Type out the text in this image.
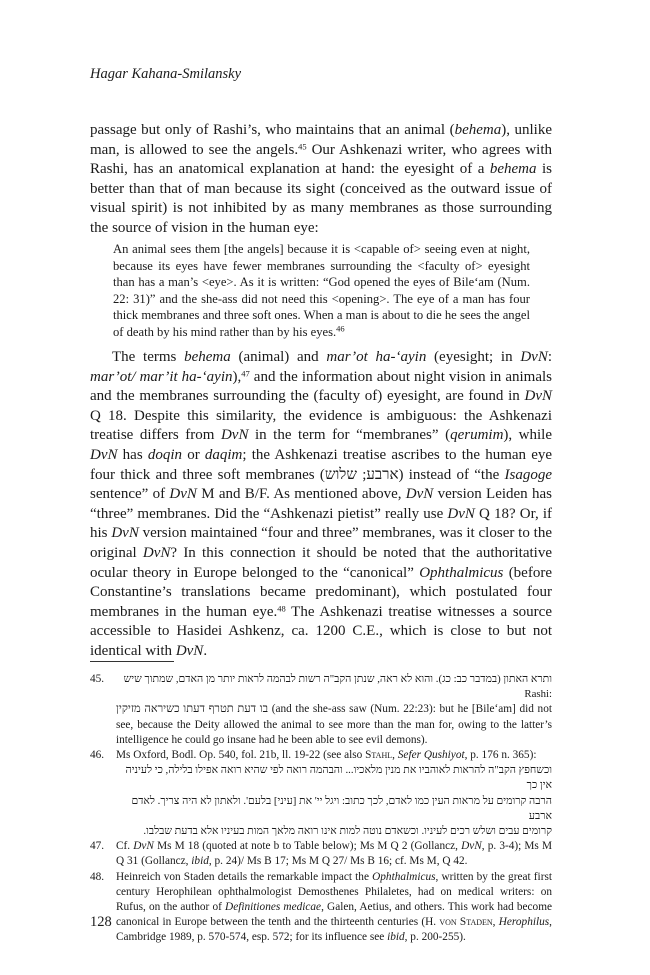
Hagar Kahana-Smilansky
passage but only of Rashi’s, who maintains that an animal (behema), unlike man, is allowed to see the angels.$^{45}$ Our Ashkenazi writer, who agrees with Rashi, has an anatomical explanation at hand: the eyesight of a behema is better than that of man because its sight (conceived as the outward issue of visual spirit) is not inhibited by as many membranes as those surrounding the source of vision in the human eye:
An animal sees them [the angels] because it is <capable of> seeing even at night, because its eyes have fewer membranes surrounding the <faculty of> eyesight than has a man’s <eye>. As it is written: “God opened the eyes of Bile‘am (Num. 22: 31)” and the she-ass did not need this <opening>. The eye of a man has four thick membranes and three soft ones. When a man is about to die he sees the angel of death by his mind rather than by his eyes.$^{46}$
The terms behema (animal) and mar’ot ha-‘ayin (eyesight; in DvN: mar’ot/ mar’it ha-‘ayin),$^{47}$ and the information about night vision in animals and the membranes surrounding the (faculty of) eyesight, are found in DvN Q 18. Despite this similarity, the evidence is ambiguous: the Ashkenazi treatise differs from DvN in the term for “membranes” (qerumim), while DvN has doqin or daqim; the Ashkenazi treatise ascribes to the human eye four thick and three soft membranes (ארבע; שלוש) instead of “the Isagoge sentence” of DvN M and B/F. As mentioned above, DvN version Leiden has “three” membranes. Did the “Ashkenazi pietist” really use DvN Q 18? Or, if his DvN version maintained “four and three” membranes, was it closer to the original DvN? In this connection it should be noted that the authoritative ocular theory in Europe belonged to the “canonical” Ophthalmicus (before Constantine’s translations became predominant), which postulated four membranes in the human eye.$^{48}$ The Ashkenazi treatise witnesses a source accessible to Hasidei Ashkenz, ca. 1200 C.E., which is close to but not identical with DvN.
45.	ותרא האתון (במדבר כב: כג). והוא לא ראה, שנתן הקב"ה רשות לבהמה לראות יותר מן האדם, שמתוך שיש Rashi:
בו דעת תטרף דעתו כשיראה מזיקין (and the she-ass saw (Num. 22:23): but he [Bile‘am] did not see, because the Deity allowed the animal to see more than the man for, owing to the latter’s intelligence he could go insane had he been able to see evil demons).
46. Ms Oxford, Bodl. Op. 540, fol. 21b, ll. 19-22 (see also Stahl, Sefer Qushiyot, p. 176 n. 365):
וכשחפץ הקב"ה להראות לאוהביו את מנין מלאכיו... והבהמה רואה לפי שהיא רואה אפילו בלילה, כי לעיניה אין כך
הרבה קרומים על מראות העין כמו לאדם, לכך כתוב: ויגל יי' את [עיני] בלעם'. ולאתון לא היה צריך. לאדם ארבע
קרומים עבים ושלש רכים לעיניו. וכשאדם נוטה למות אינו רואה מלאך המות בעיניו אלא בדעת שבלבו.
47. Cf. DvN Ms M 18 (quoted at note b to Table below); Ms M Q 2 (Gollancz, DvN, p. 3-4); Ms M Q 31 (Gollancz, ibid, p. 24)/ Ms B 17; Ms M Q 27/ Ms B 16; cf. Ms M, Q 42.
48. Heinreich von Staden details the remarkable impact the Ophthalmicus, written by the great first century Herophilean ophthalmologist Demosthenes Philaletes, had on medical writers: on Rufus, on the author of Definitiones medicae, Galen, Aetius, and others. This work had become canonical in Europe between the tenth and the thirteenth centuries (H. von Staden, Herophilus, Cambridge 1989, p. 570-574, esp. 572; for its influence see ibid, p. 200-255).
128
